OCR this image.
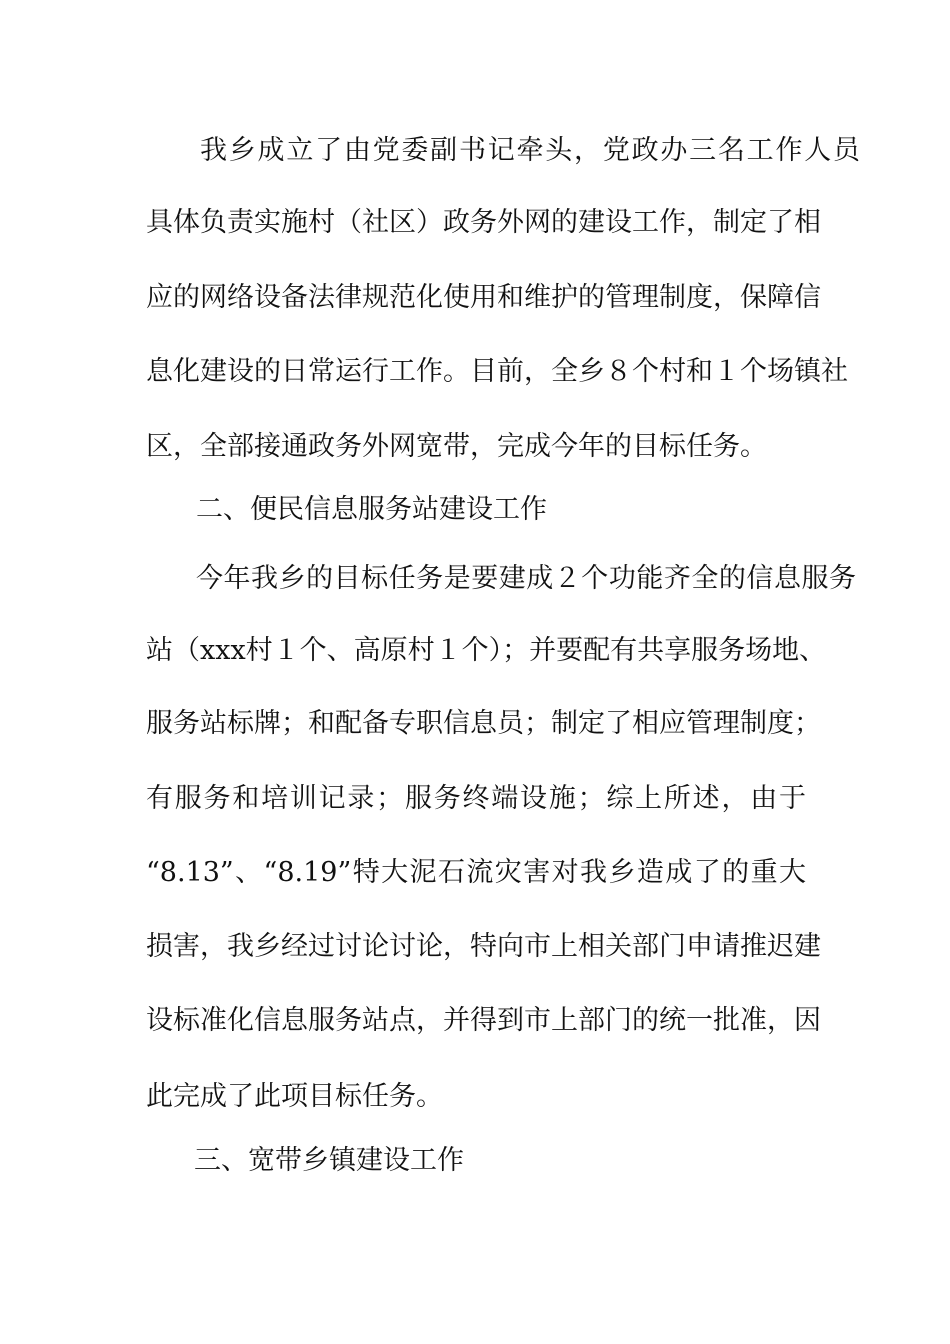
我乡成立了由党委副书记牵头，党政办三名工作人员
具体负责实施村（社区）政务外网的建设工作，制定了相
应的网络设备法律规范化使用和维护的管理制度，保障信
息化建设的日常运行工作。目前，全乡８个村和１个场镇社
区，全部接通政务外网宽带，完成今年的目标任务。
二、便民信息服务站建设工作
今年我乡的目标任务是要建成２个功能齐全的信息服务
站（xxx村１个、高原村１个）；并要配有共享服务场地、
服务站标牌；和配备专职信息员；制定了相应管理制度；
有服务和培训记录；服务终端设施；综上所述，由于
“8.13”、“8.19”特大泥石流灾害对我乡造成了的重大
损害，我乡经过讨论讨论，特向市上相关部门申请推迟建
设标准化信息服务站点，并得到市上部门的统一批准，因
此完成了此项目标任务。
三、宽带乡镇建设工作
